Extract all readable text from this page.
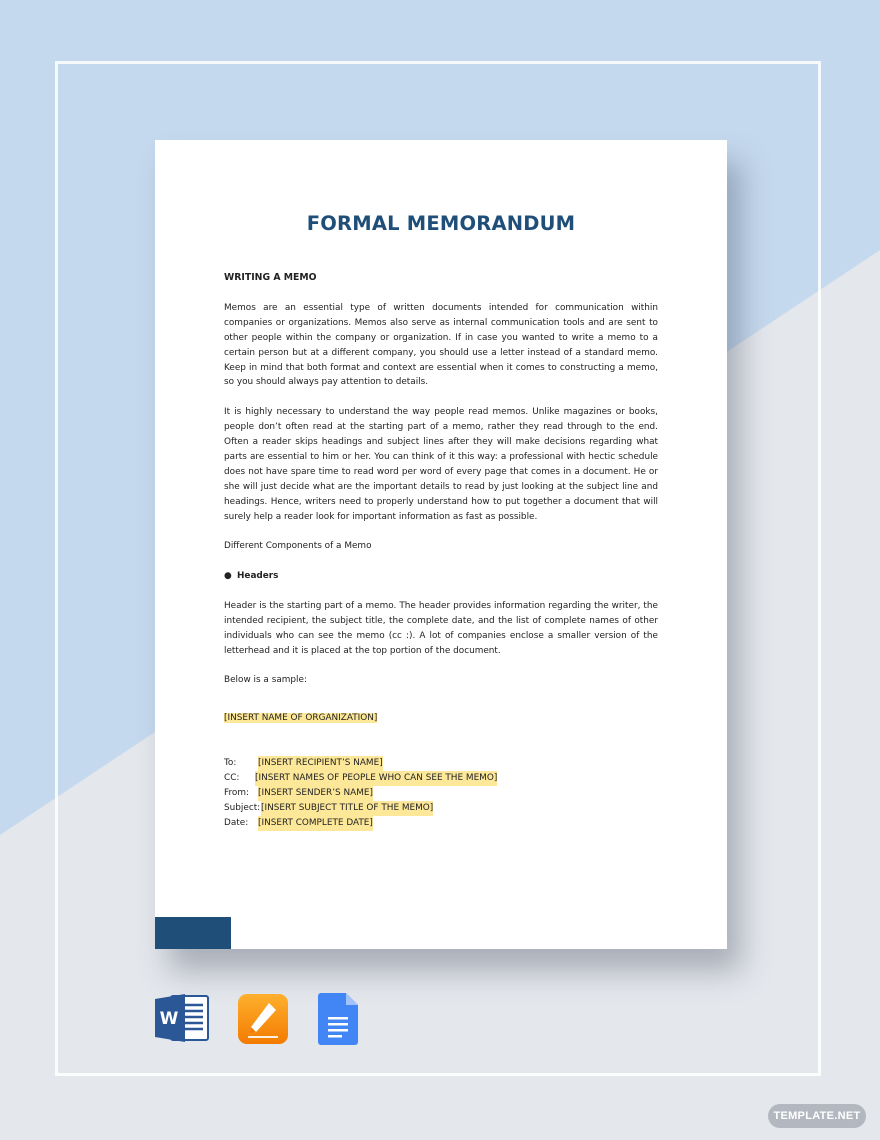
FORMAL MEMORANDUM

WRITING A MEMO

Memos are an essential type of written documents intended for communication within companies or organizations. Memos also serve as internal communication tools and are sent to other people within the company or organization. If in case you wanted to write a memo to a certain person but at a different company, you should use a letter instead of a standard memo. Keep in mind that both format and context are essential when it comes to constructing a memo, so you should always pay attention to details.

It is highly necessary to understand the way people read memos. Unlike magazines or books, people don’t often read at the starting part of a memo, rather they read through to the end. Often a reader skips headings and subject lines after they will make decisions regarding what parts are essential to him or her. You can think of it this way: a professional with hectic schedule does not have spare time to read word per word of every page that comes in a document. He or she will just decide what are the important details to read by just looking at the subject line and headings. Hence, writers need to properly understand how to put together a document that will surely help a reader look for important information as fast as possible.

Different Components of a Memo

● Headers

Header is the starting part of a memo. The header provides information regarding the writer, the intended recipient, the subject title, the complete date, and the list of complete names of other individuals who can see the memo (cc :). A lot of companies enclose a smaller version of the letterhead and it is placed at the top portion of the document.

Below is a sample:

[INSERT NAME OF ORGANIZATION]

To:	[INSERT RECIPIENT’S NAME]
CC:	[INSERT NAMES OF PEOPLE WHO CAN SEE THE MEMO]
From:	[INSERT SENDER’S NAME]
Subject: [INSERT SUBJECT TITLE OF THE MEMO]
Date:	[INSERT COMPLETE DATE]
W
TEMPLATE.NET
